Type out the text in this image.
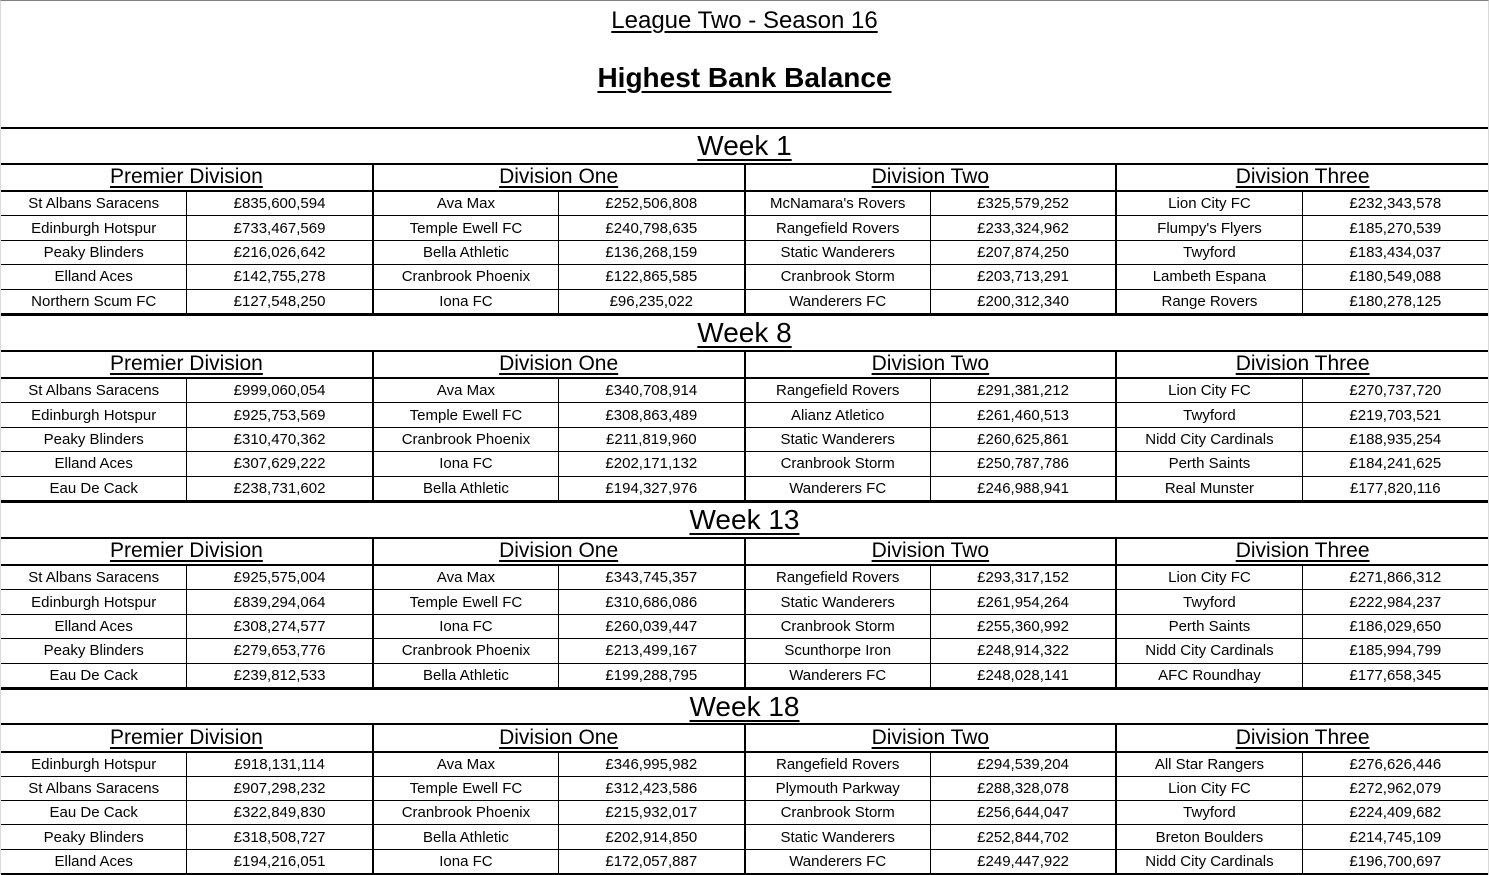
League Two - Season 16
Highest Bank Balance
Week 1							
Premier Division		Division One		Division Two		Division Three	
St Albans Saracens	£835,600,594	Ava Max	£252,506,808	McNamara's Rovers	£325,579,252	Lion City FC	£232,343,578
Edinburgh Hotspur	£733,467,569	Temple Ewell FC	£240,798,635	Rangefield Rovers	£233,324,962	Flumpy's Flyers	£185,270,539
Peaky Blinders	£216,026,642	Bella Athletic	£136,268,159	Static Wanderers	£207,874,250	Twyford	£183,434,037
Elland Aces	£142,755,278	Cranbrook Phoenix	£122,865,585	Cranbrook Storm	£203,713,291	Lambeth Espana	£180,549,088
Northern Scum FC	£127,548,250	Iona FC	£96,235,022	Wanderers FC	£200,312,340	Range Rovers	£180,278,125
Week 8							
Premier Division		Division One		Division Two		Division Three	
St Albans Saracens	£999,060,054	Ava Max	£340,708,914	Rangefield Rovers	£291,381,212	Lion City FC	£270,737,720
Edinburgh Hotspur	£925,753,569	Temple Ewell FC	£308,863,489	Alianz Atletico	£261,460,513	Twyford	£219,703,521
Peaky Blinders	£310,470,362	Cranbrook Phoenix	£211,819,960	Static Wanderers	£260,625,861	Nidd City Cardinals	£188,935,254
Elland Aces	£307,629,222	Iona FC	£202,171,132	Cranbrook Storm	£250,787,786	Perth Saints	£184,241,625
Eau De Cack	£238,731,602	Bella Athletic	£194,327,976	Wanderers FC	£246,988,941	Real Munster	£177,820,116
Week 13							
Premier Division		Division One		Division Two		Division Three	
St Albans Saracens	£925,575,004	Ava Max	£343,745,357	Rangefield Rovers	£293,317,152	Lion City FC	£271,866,312
Edinburgh Hotspur	£839,294,064	Temple Ewell FC	£310,686,086	Static Wanderers	£261,954,264	Twyford	£222,984,237
Elland Aces	£308,274,577	Iona FC	£260,039,447	Cranbrook Storm	£255,360,992	Perth Saints	£186,029,650
Peaky Blinders	£279,653,776	Cranbrook Phoenix	£213,499,167	Scunthorpe Iron	£248,914,322	Nidd City Cardinals	£185,994,799
Eau De Cack	£239,812,533	Bella Athletic	£199,288,795	Wanderers FC	£248,028,141	AFC Roundhay	£177,658,345
Week 18							
Premier Division		Division One		Division Two		Division Three	
Edinburgh Hotspur	£918,131,114	Ava Max	£346,995,982	Rangefield Rovers	£294,539,204	All Star Rangers	£276,626,446
St Albans Saracens	£907,298,232	Temple Ewell FC	£312,423,586	Plymouth Parkway	£288,328,078	Lion City FC	£272,962,079
Eau De Cack	£322,849,830	Cranbrook Phoenix	£215,932,017	Cranbrook Storm	£256,644,047	Twyford	£224,409,682
Peaky Blinders	£318,508,727	Bella Athletic	£202,914,850	Static Wanderers	£252,844,702	Breton Boulders	£214,745,109
Elland Aces	£194,216,051	Iona FC	£172,057,887	Wanderers FC	£249,447,922	Nidd City Cardinals	£196,700,697
